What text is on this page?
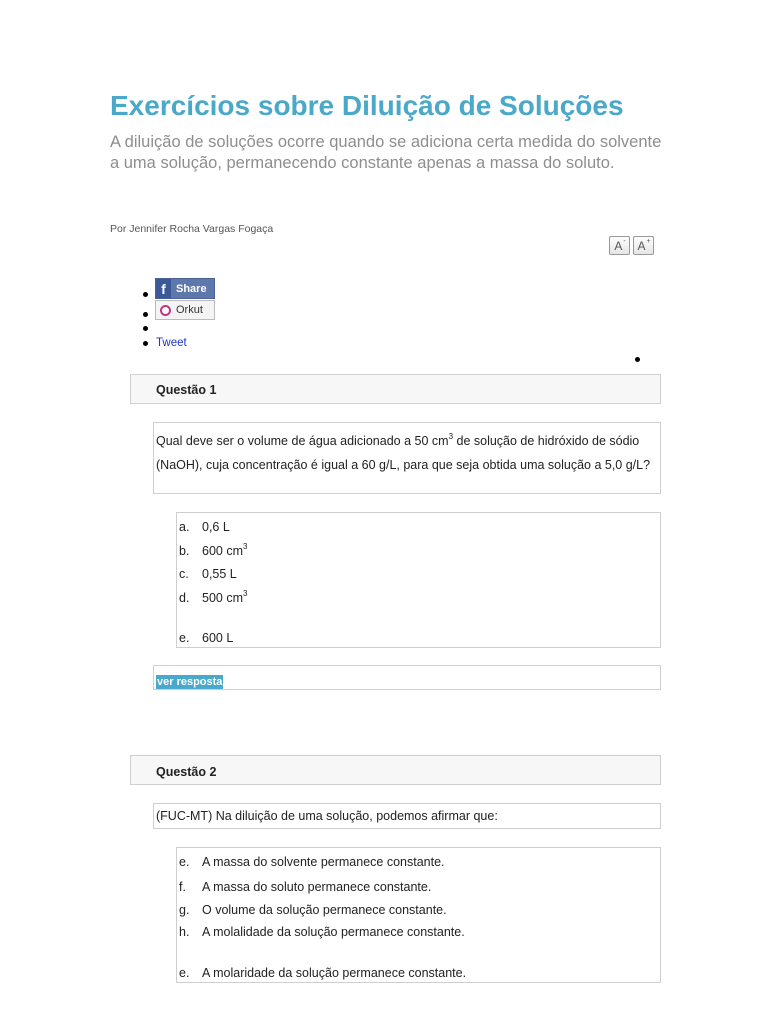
Exercícios sobre Diluição de Soluções

A diluição de soluções ocorre quando se adiciona certa medida do solvente a uma solução, permanecendo constante apenas a massa do soluto.

Por Jennifer Rocha Vargas Fogaça
A- A+
f Share
Orkut
Tweet
Questão 1
Qual deve ser o volume de água adicionado a 50 $cm^3$ de solução de hidróxido de sódio (NaOH), cuja concentração é igual a 60 g/L, para que seja obtida uma solução a 5,0 g/L?
a. 0,6 L
b. 600 $cm^3$
c. 0,55 L
d. 500 $cm^3$
e. 600 L
ver resposta
Questão 2
(FUC-MT) Na diluição de uma solução, podemos afirmar que:
e. A massa do solvente permanece constante.
f. A massa do soluto permanece constante.
g. O volume da solução permanece constante.
h. A molalidade da solução permanece constante.
e. A molaridade da solução permanece constante.
